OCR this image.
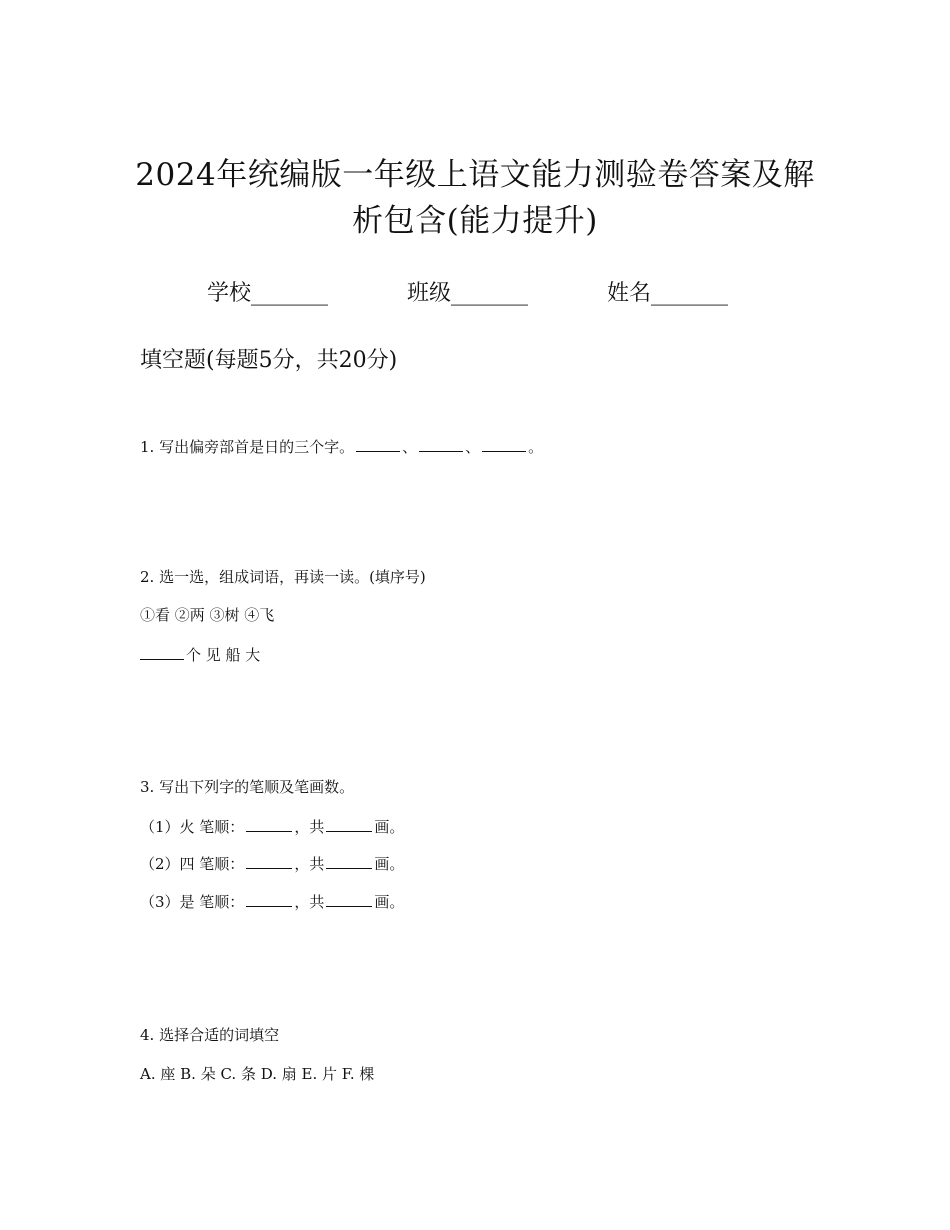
2024年统编版一年级上语文能力测验卷答案及解
析包含(能力提升)
学校_______	班级_______	姓名_______
填空题(每题5分，共20分)
1. 写出偏旁部首是日的三个字。	、	、	。
2. 选一选，组成词语，再读一读。(填序号)
①看 ②两 ③树 ④飞
个 见 船 大
3. 写出下列字的笔顺及笔画数。
（1）火 笔顺：	，共	画。
（2）四 笔顺：	，共	画。
（3）是 笔顺：	，共	画。
4. 选择合适的词填空
A. 座 B. 朵 C. 条 D. 扇 E. 片 F. 棵
